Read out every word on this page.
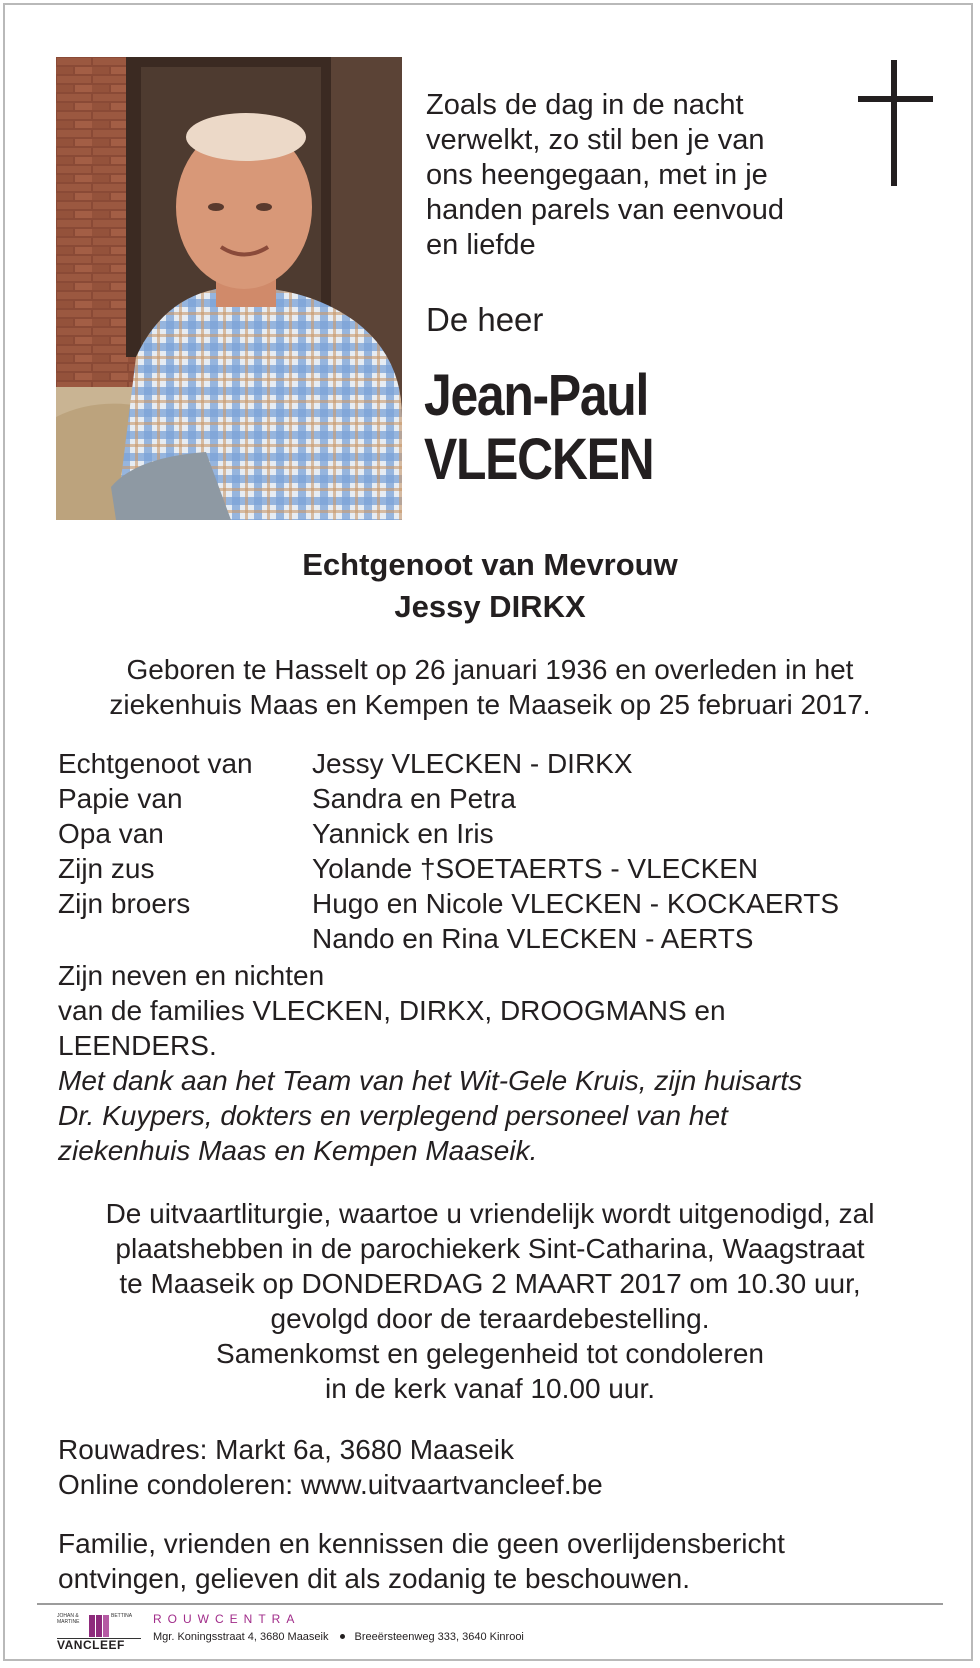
Zoals de dag in de nacht
verwelkt, zo stil ben je van
ons heengegaan, met in je
handen parels van eenvoud
en liefde
De heer
Jean-Paul
VLECKEN
Echtgenoot van Mevrouw
Jessy DIRKX
Geboren te Hasselt op 26 januari 1936 en overleden in het
ziekenhuis Maas en Kempen te Maaseik op 25 februari 2017.
Echtgenoot van	Jessy VLECKEN - DIRKX
Papie van	Sandra en Petra
Opa van	Yannick en Iris
Zijn zus	Yolande †SOETAERTS - VLECKEN
Zijn broers	Hugo en Nicole VLECKEN - KOCKAERTS
Nando en Rina VLECKEN - AERTS
Zijn neven en nichten
van de families VLECKEN, DIRKX, DROOGMANS en
LEENDERS.
Met dank aan het Team van het Wit-Gele Kruis, zijn huisarts
Dr. Kuypers, dokters en verplegend personeel van het
ziekenhuis Maas en Kempen Maaseik.
De uitvaartliturgie, waartoe u vriendelijk wordt uitgenodigd, zal
plaatshebben in de parochiekerk Sint-Catharina, Waagstraat
te Maaseik op DONDERDAG 2 MAART 2017 om 10.30 uur,
gevolgd door de teraardebestelling.
Samenkomst en gelegenheid tot condoleren
in de kerk vanaf 10.00 uur.
Rouwadres: Markt 6a, 3680 Maaseik
Online condoleren: www.uitvaartvancleef.be
Familie, vrienden en kennissen die geen overlijdensbericht
ontvingen, gelieven dit als zodanig te beschouwen.
JOHAN & MARTINE
BETTINA
VANCLEEF
ROUWCENTRA
Mgr. Koningsstraat 4, 3680 Maaseik Breeërsteenweg 333, 3640 Kinrooi
